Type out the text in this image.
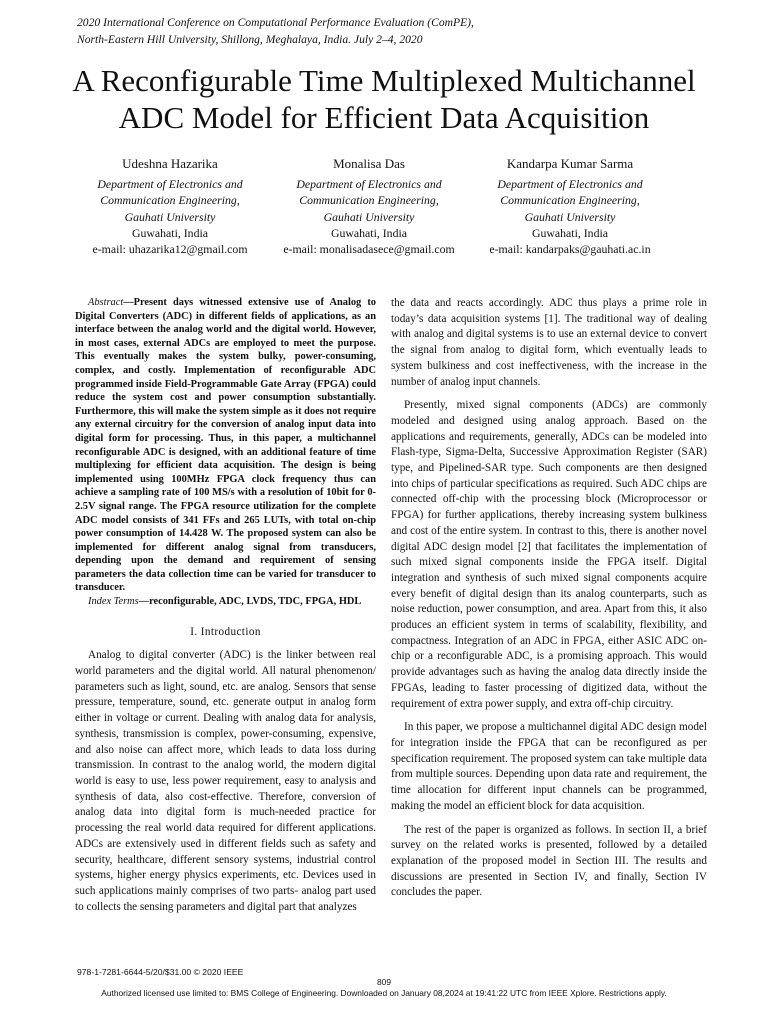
2020 International Conference on Computational Performance Evaluation (ComPE),
North-Eastern Hill University, Shillong, Meghalaya, India. July 2–4, 2020
A Reconfigurable Time Multiplexed Multichannel
ADC Model for Efficient Data Acquisition
Udeshna Hazarika
Department of Electronics and
Communication Engineering,
Gauhati University
Guwahati, India
e-mail: uhazarika12@gmail.com
Monalisa Das
Department of Electronics and
Communication Engineering,
Gauhati University
Guwahati, India
e-mail: monalisadasece@gmail.com
Kandarpa Kumar Sarma
Department of Electronics and
Communication Engineering,
Gauhati University
Guwahati, India
e-mail: kandarpaks@gauhati.ac.in

Abstract—Present days witnessed extensive use of Analog to Digital Converters (ADC) in different fields of applications, as an interface between the analog world and the digital world. However, in most cases, external ADCs are employed to meet the purpose. This eventually makes the system bulky, power-consuming, complex, and costly. Implementation of reconfigurable ADC programmed inside Field-Programmable Gate Array (FPGA) could reduce the system cost and power consumption substantially. Furthermore, this will make the system simple as it does not require any external circuitry for the conversion of analog input data into digital form for processing. Thus, in this paper, a multichannel reconfigurable ADC is designed, with an additional feature of time multiplexing for efficient data acquisition. The design is being implemented using 100MHz FPGA clock frequency thus can achieve a sampling rate of 100 MS/s with a resolution of 10bit for 0-2.5V signal range. The FPGA resource utilization for the complete ADC model consists of 341 FFs and 265 LUTs, with total on-chip power consumption of 14.428 W. The proposed system can also be implemented for different analog signal from transducers, depending upon the demand and requirement of sensing parameters the data collection time can be varied for transducer to transducer.

Index Terms—reconfigurable, ADC, LVDS, TDC, FPGA, HDL

I. Introduction

Analog to digital converter (ADC) is the linker between real world parameters and the digital world. All natural phenomenon/ parameters such as light, sound, etc. are analog. Sensors that sense pressure, temperature, sound, etc. generate output in analog form either in voltage or current. Dealing with analog data for analysis, synthesis, transmission is complex, power-consuming, expensive, and also noise can affect more, which leads to data loss during transmission. In contrast to the analog world, the modern digital world is easy to use, less power requirement, easy to analysis and synthesis of data, also cost-effective. Therefore, conversion of analog data into digital form is much-needed practice for processing the real world data required for different applications. ADCs are extensively used in different fields such as safety and security, healthcare, different sensory systems, industrial control systems, higher energy physics experiments, etc. Devices used in such applications mainly comprises of two parts- analog part used to collects the sensing parameters and digital part that analyzes

the data and reacts accordingly. ADC thus plays a prime role in today’s data acquisition systems [1]. The traditional way of dealing with analog and digital systems is to use an external device to convert the signal from analog to digital form, which eventually leads to system bulkiness and cost ineffectiveness, with the increase in the number of analog input channels.

Presently, mixed signal components (ADCs) are commonly modeled and designed using analog approach. Based on the applications and requirements, generally, ADCs can be modeled into Flash-type, Sigma-Delta, Successive Approximation Register (SAR) type, and Pipelined-SAR type. Such components are then designed into chips of particular specifications as required. Such ADC chips are connected off-chip with the processing block (Microprocessor or FPGA) for further applications, thereby increasing system bulkiness and cost of the entire system. In contrast to this, there is another novel digital ADC design model [2] that facilitates the implementation of such mixed signal components inside the FPGA itself. Digital integration and synthesis of such mixed signal components acquire every benefit of digital design than its analog counterparts, such as noise reduction, power consumption, and area. Apart from this, it also produces an efficient system in terms of scalability, flexibility, and compactness. Integration of an ADC in FPGA, either ASIC ADC on-chip or a reconfigurable ADC, is a promising approach. This would provide advantages such as having the analog data directly inside the FPGAs, leading to faster processing of digitized data, without the requirement of extra power supply, and extra off-chip circuitry.

In this paper, we propose a multichannel digital ADC design model for integration inside the FPGA that can be reconfigured as per specification requirement. The proposed system can take multiple data from multiple sources. Depending upon data rate and requirement, the time allocation for different input channels can be programmed, making the model an efficient block for data acquisition.

The rest of the paper is organized as follows. In section II, a brief survey on the related works is presented, followed by a detailed explanation of the proposed model in Section III. The results and discussions are presented in Section IV, and finally, Section IV concludes the paper.

978-1-7281-6644-5/20/$31.00 © 2020 IEEE
809
Authorized licensed use limited to: BMS College of Engineering. Downloaded on January 08,2024 at 19:41:22 UTC from IEEE Xplore. Restrictions apply.
